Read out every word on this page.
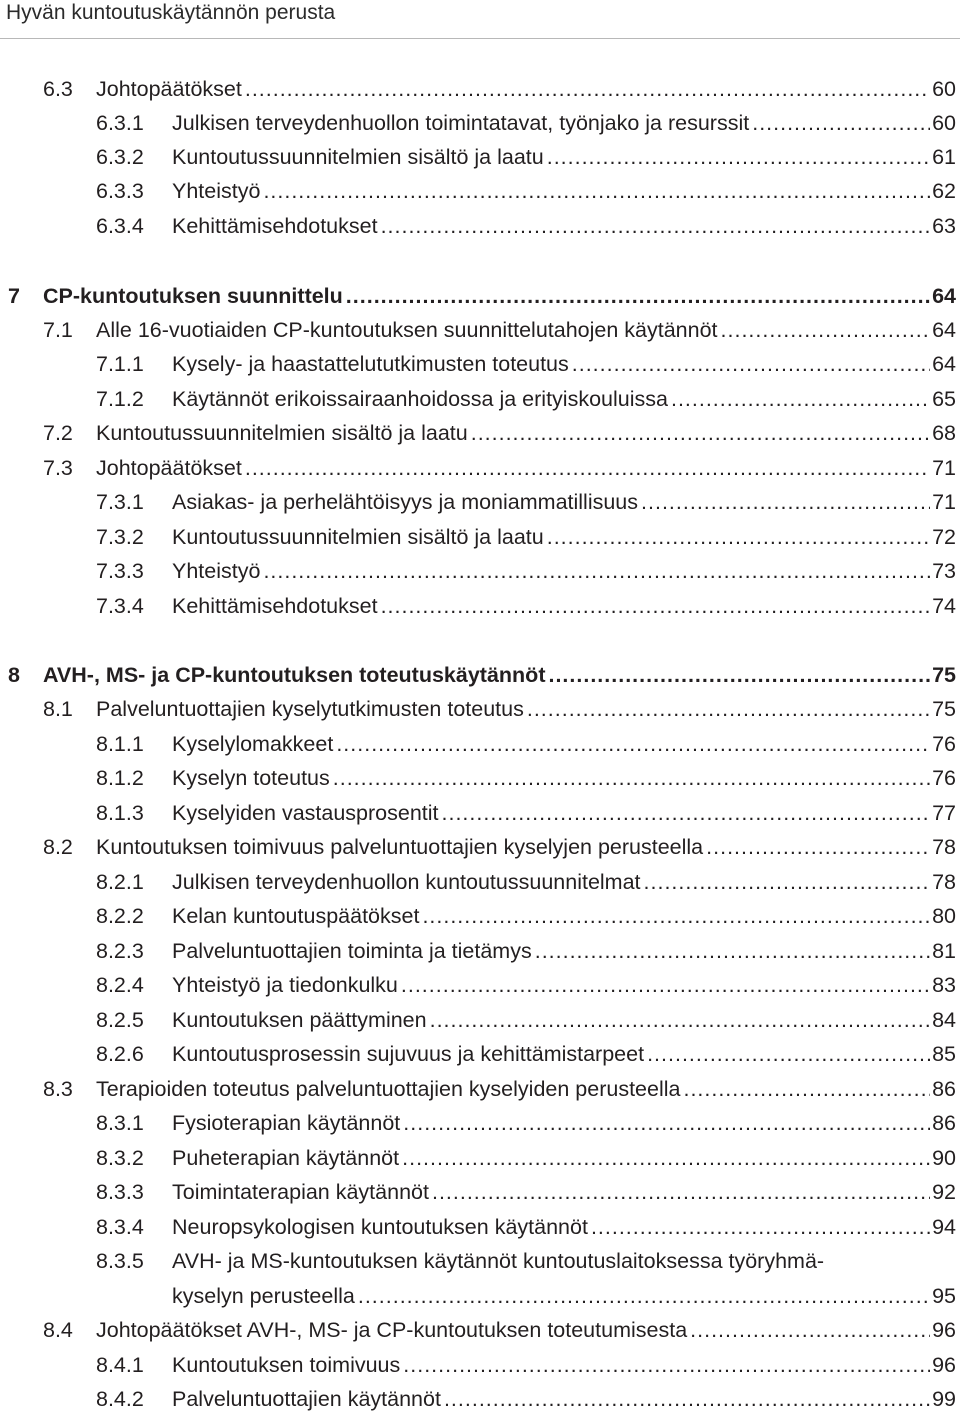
Hyvän kuntoutuskäytännön perusta
6.3 Johtopäätökset .....	60
6.3.1 Julkisen terveydenhuollon toimintatavat, työnjako ja resurssit .....	60
6.3.2 Kuntoutussuunnitelmien sisältö ja laatu .....	61
6.3.3 Yhteistyö .....	62
6.3.4 Kehittämisehdotukset .....	63
7 CP-kuntoutuksen suunnittelu .....	64
7.1 Alle 16-vuotiaiden CP-kuntoutuksen suunnittelutahojen käytännöt .....	64
7.1.1 Kysely- ja haastattelututkimusten toteutus .....	64
7.1.2 Käytännöt erikoissairaanhoidossa ja erityiskouluissa .....	65
7.2 Kuntoutussuunnitelmien sisältö ja laatu .....	68
7.3 Johtopäätökset .....	71
7.3.1 Asiakas- ja perhelähtöisyys ja moniammatillisuus .....	71
7.3.2 Kuntoutussuunnitelmien sisältö ja laatu .....	72
7.3.3 Yhteistyö .....	73
7.3.4 Kehittämisehdotukset .....	74
8 AVH-, MS- ja CP-kuntoutuksen toteutuskäytännöt .....	75
8.1 Palveluntuottajien kyselytutkimusten toteutus .....	75
8.1.1 Kyselylomakkeet .....	76
8.1.2 Kyselyn toteutus .....	76
8.1.3 Kyselyiden vastausprosentit .....	77
8.2 Kuntoutuksen toimivuus palveluntuottajien kyselyjen perusteella .....	78
8.2.1 Julkisen terveydenhuollon kuntoutussuunnitelmat .....	78
8.2.2 Kelan kuntoutuspäätökset .....	80
8.2.3 Palveluntuottajien toiminta ja tietämys .....	81
8.2.4 Yhteistyö ja tiedonkulku .....	83
8.2.5 Kuntoutuksen päättyminen .....	84
8.2.6 Kuntoutusprosessin sujuvuus ja kehittämistarpeet .....	85
8.3 Terapioiden toteutus palveluntuottajien kyselyiden perusteella .....	86
8.3.1 Fysioterapian käytännöt .....	86
8.3.2 Puheterapian käytännöt .....	90
8.3.3 Toimintaterapian käytännöt .....	92
8.3.4 Neuropsykologisen kuntoutuksen käytännöt .....	94
8.3.5 AVH- ja MS-kuntoutuksen käytännöt kuntoutuslaitoksessa työryhmä-
kyselyn perusteella .....	95
8.4 Johtopäätökset AVH-, MS- ja CP-kuntoutuksen toteutumisesta .....	96
8.4.1 Kuntoutuksen toimivuus .....	96
8.4.2 Palveluntuottajien käytännöt .....	99
